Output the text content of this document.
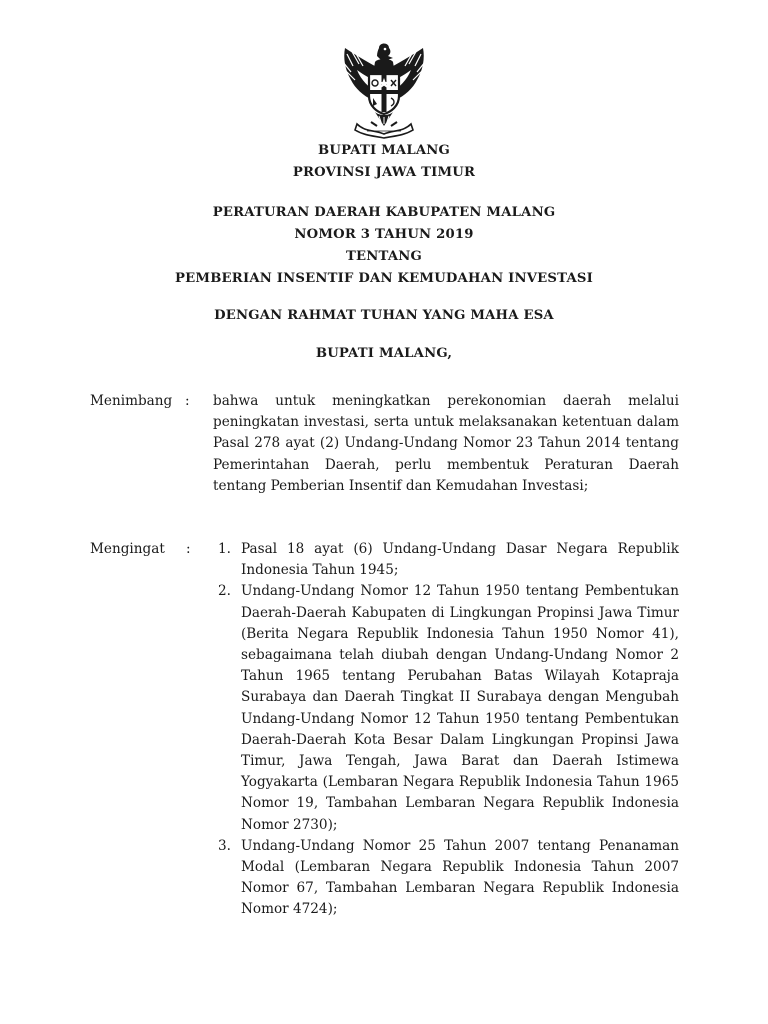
BUPATI MALANG
PROVINSI JAWA TIMUR
PERATURAN DAERAH KABUPATEN MALANG
NOMOR 3 TAHUN 2019
TENTANG
PEMBERIAN INSENTIF DAN KEMUDAHAN INVESTASI
DENGAN RAHMAT TUHAN YANG MAHA ESA
BUPATI MALANG,
Menimbang : bahwa untuk meningkatkan perekonomian daerah melalui peningkatan investasi, serta untuk melaksanakan ketentuan dalam Pasal 278 ayat (2) Undang-Undang Nomor 23 Tahun 2014 tentang Pemerintahan Daerah, perlu membentuk Peraturan Daerah tentang Pemberian Insentif dan Kemudahan Investasi;
Mengingat : 1. Pasal 18 ayat (6) Undang-Undang Dasar Negara Republik Indonesia Tahun 1945;
2. Undang-Undang Nomor 12 Tahun 1950 tentang Pembentukan Daerah-Daerah Kabupaten di Lingkungan Propinsi Jawa Timur (Berita Negara Republik Indonesia Tahun 1950 Nomor 41), sebagaimana telah diubah dengan Undang-Undang Nomor 2 Tahun 1965 tentang Perubahan Batas Wilayah Kotapraja Surabaya dan Daerah Tingkat II Surabaya dengan Mengubah Undang-Undang Nomor 12 Tahun 1950 tentang Pembentukan Daerah-Daerah Kota Besar Dalam Lingkungan Propinsi Jawa Timur, Jawa Tengah, Jawa Barat dan Daerah Istimewa Yogyakarta (Lembaran Negara Republik Indonesia Tahun 1965 Nomor 19, Tambahan Lembaran Negara Republik Indonesia Nomor 2730);
3. Undang-Undang Nomor 25 Tahun 2007 tentang Penanaman Modal (Lembaran Negara Republik Indonesia Tahun 2007 Nomor 67, Tambahan Lembaran Negara Republik Indonesia Nomor 4724);
